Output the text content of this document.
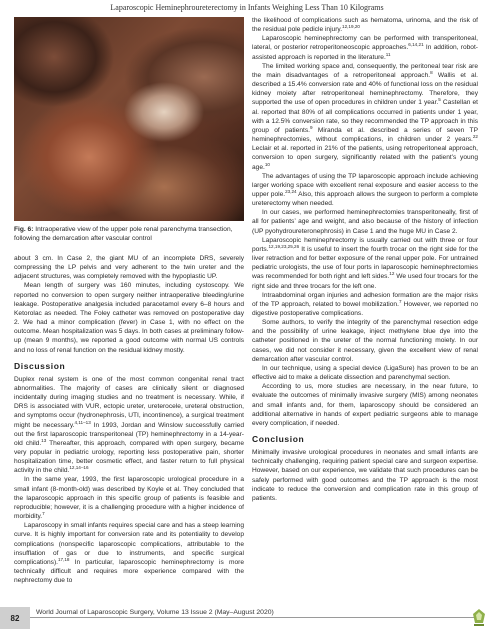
Laparoscopic Heminephroureterectomy in Infants Weighing Less Than 10 Kilograms
Fig. 6: Intraoperative view of the upper pole renal parenchyma transection, following the demarcation after vascular control

about 3 cm. In Case 2, the giant MU of an incomplete DRS, severely compressing the LP pelvis and very adherent to the twin ureter and the adjacent structures, was completely removed with the hypoplastic UP.

Mean length of surgery was 160 minutes, including cystoscopy. We reported no conversion to open surgery neither intraoperative bleeding/urine leakage. Postoperative analgesia included paracetamol every 6–8 hours and Ketorolac as needed. The Foley catheter was removed on postoperative day 2. We had a minor complication (fever) in Case 1, with no effect on the outcome. Mean hospitalization was 5 days. In both cases at preliminary follow-up (mean 9 months), we reported a good outcome with normal US controls and no loss of renal function on the residual kidney mostly.

Discussion

Duplex renal system is one of the most common congenital renal tract abnormalities. The majority of cases are clinically silent or diagnosed incidentally during imaging studies and no treatment is necessary. While, if DRS is associated with VUR, ectopic ureter, ureterocele, ureteral obstruction, and symptoms occur (hydronephrosis, UTI, incontinence), a surgical treatment might be necessary.$^{4,11-13}$ In 1993, Jordan and Winslow successfully carried out the first laparoscopic transperitoneal (TP) heminephrectomy in a 14-year-old child.$^{13}$ Thereafter, this approach, compared with open surgery, became very popular in pediatric urology, reporting less postoperative pain, shorter hospitalization time, better cosmetic effect, and faster return to full physical activity in the child.$^{12,14-16}$

In the same year, 1993, the first laparoscopic urological procedure in a small infant (8-month-old) was described by Koyle et al. They concluded that the laparoscopic approach in this specific group of patients is feasible and reproducible; however, it is a challenging procedure with a higher incidence of morbidity.$^7$

Laparoscopy in small infants requires special care and has a steep learning curve. It is highly important for conversion rate and its potentiality to develop complications (nonspecific laparoscopic complications, attributable to the insufflation of gas or due to instruments, and specific surgical complications).$^{17,18}$ In particular, laparoscopic heminephrectomy is more technically difficult and requires more experience compared with the nephrectomy due to

the likelihood of complications such as hematoma, urinoma, and the risk of the residual pole pedicle injury.$^{12,19,20}$

Laparoscopic heminephrectomy can be performed with transperitoneal, lateral, or posterior retroperitoneoscopic approaches.$^{6,14,21}$ In addition, robot-assisted approach is reported in the literature.$^{11}$

The limited working space and, consequently, the peritoneal tear risk are the main disadvantages of a retroperitoneal approach.$^8$ Wallis et al. described a 15.4% conversion rate and 40% of functional loss on the residual kidney moiety after retroperitoneal heminephrectomy. Therefore, they supported the use of open procedures in children under 1 year.$^5$ Castellan et al. reported that 80% of all complications occurred in patients under 1 year, with a 12.5% conversion rate, so they recommended the TP approach in this group of patients.$^9$ Miranda et al. described a series of seven TP heminephrectomies, without complications, in children under 2 years.$^{22}$ Leclair et al. reported in 21% of the patients, using retroperitoneal approach, conversion to open surgery, significantly related with the patient’s young age.$^{10}$

The advantages of using the TP laparoscopic approach include achieving larger working space with excellent renal exposure and easier access to the upper pole.$^{23,24}$ Also, this approach allows the surgeon to perform a complete ureterectomy when needed.

In our cases, we performed heminephrectomies transperitoneally, first of all for patients’ age and weight, and also because of the history of infection (UP pyohydroureteronephrosis) in Case 1 and the huge MU in Case 2.

Laparoscopic heminephrectomy is usually carried out with three or four ports.$^{12,19,23,25,26}$ It is useful to insert the fourth trocar on the right side for the liver retraction and for better exposure of the renal upper pole. For untrained pediatric urologists, the use of four ports in laparoscopic heminephrectomies was recommended for both right and left sides.$^{12}$ We used four trocars for the right side and three trocars for the left one.

Intraabdominal organ injuries and adhesion formation are the major risks of the TP approach, related to bowel mobilization.$^7$ However, we reported no digestive postoperative complications.

Some authors, to verify the integrity of the parenchymal resection edge and the possibility of urine leakage, inject methylene blue dye into the catheter positioned in the ureter of the normal functioning moiety. In our cases, we did not consider it necessary, given the excellent view of renal demarcation after vascular control.

In our technique, using a special device (LigaSure) has proven to be an effective aid to make a delicate dissection and parenchymal section.

According to us, more studies are necessary, in the near future, to evaluate the outcomes of minimally invasive surgery (MIS) among neonates and small infants and, for them, laparoscopy should be considered an additional alternative in hands of expert pediatric surgeons able to manage every complication, if needed.

Conclusion

Minimally invasive urological procedures in neonates and small infants are technically challenging, requiring patient special care and surgeon expertise. However, based on our experience, we validate that such procedures can be safely performed with good outcomes and the TP approach is the most indicate to reduce the conversion and complication rate in this group of patients.

82
World Journal of Laparoscopic Surgery, Volume 13 Issue 2 (May–August 2020)
